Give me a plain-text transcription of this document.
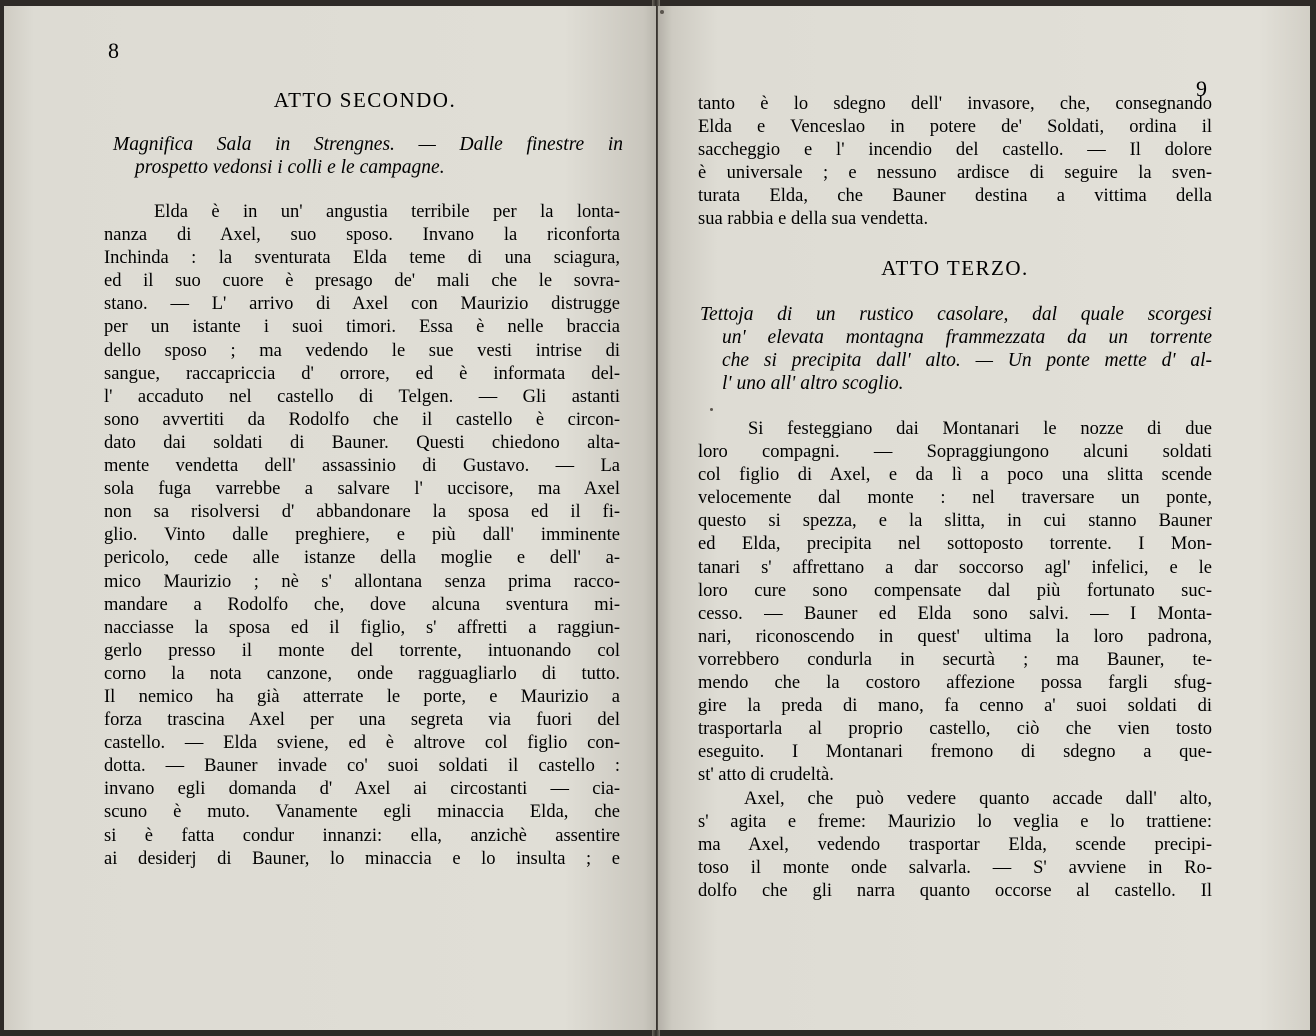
8
ATTO SECONDO.
Magnifica Sala in Strengnes. — Dalle finestre in
prospetto vedonsi i colli e le campagne.
Elda è in un' angustia terribile per la lonta-
nanza di Axel, suo sposo. Invano la riconforta
Inchinda : la sventurata Elda teme di una sciagura,
ed il suo cuore è presago de' mali che le sovra-
stano. — L' arrivo di Axel con Maurizio distrugge
per un istante i suoi timori. Essa è nelle braccia
dello sposo ; ma vedendo le sue vesti intrise di
sangue, raccapriccia d' orrore, ed è informata del-
l' accaduto nel castello di Telgen. — Gli astanti
sono avvertiti da Rodolfo che il castello è circon-
dato dai soldati di Bauner. Questi chiedono alta-
mente vendetta dell' assassinio di Gustavo. — La
sola fuga varrebbe a salvare l' uccisore, ma Axel
non sa risolversi d' abbandonare la sposa ed il fi-
glio. Vinto dalle preghiere, e più dall' imminente
pericolo, cede alle istanze della moglie e dell' a-
mico Maurizio ; nè s' allontana senza prima racco-
mandare a Rodolfo che, dove alcuna sventura mi-
nacciasse la sposa ed il figlio, s' affretti a raggiun-
gerlo presso il monte del torrente, intuonando col
corno la nota canzone, onde ragguagliarlo di tutto.
Il nemico ha già atterrate le porte, e Maurizio a
forza trascina Axel per una segreta via fuori del
castello. — Elda sviene, ed è altrove col figlio con-
dotta. — Bauner invade co' suoi soldati il castello :
invano egli domanda d' Axel ai circostanti — cia-
scuno è muto. Vanamente egli minaccia Elda, che
si è fatta condur innanzi: ella, anzichè assentire
ai desiderj di Bauner, lo minaccia e lo insulta ; e
9
tanto è lo sdegno dell' invasore, che, consegnando
Elda e Venceslao in potere de' Soldati, ordina il
saccheggio e l' incendio del castello. — Il dolore
è universale ; e nessuno ardisce di seguire la sven-
turata Elda, che Bauner destina a vittima della
sua rabbia e della sua vendetta.
ATTO TERZO.
Tettoja di un rustico casolare, dal quale scorgesi
un' elevata montagna frammezzata da un torrente
che si precipita dall' alto. — Un ponte mette d' al-
l' uno all' altro scoglio.
Si festeggiano dai Montanari le nozze di due
loro compagni. — Sopraggiungono alcuni soldati
col figlio di Axel, e da lì a poco una slitta scende
velocemente dal monte : nel traversare un ponte,
questo si spezza, e la slitta, in cui stanno Bauner
ed Elda, precipita nel sottoposto torrente. I Mon-
tanari s' affrettano a dar soccorso agl' infelici, e le
loro cure sono compensate dal più fortunato suc-
cesso. — Bauner ed Elda sono salvi. — I Monta-
nari, riconoscendo in quest' ultima la loro padrona,
vorrebbero condurla in securtà ; ma Bauner, te-
mendo che la costoro affezione possa fargli sfug-
gire la preda di mano, fa cenno a' suoi soldati di
trasportarla al proprio castello, ciò che vien tosto
eseguito. I Montanari fremono di sdegno a que-
st' atto di crudeltà.
Axel, che può vedere quanto accade dall' alto,
s' agita e freme: Maurizio lo veglia e lo trattiene:
ma Axel, vedendo trasportar Elda, scende precipi-
toso il monte onde salvarla. — S' avviene in Ro-
dolfo che gli narra quanto occorse al castello. Il
